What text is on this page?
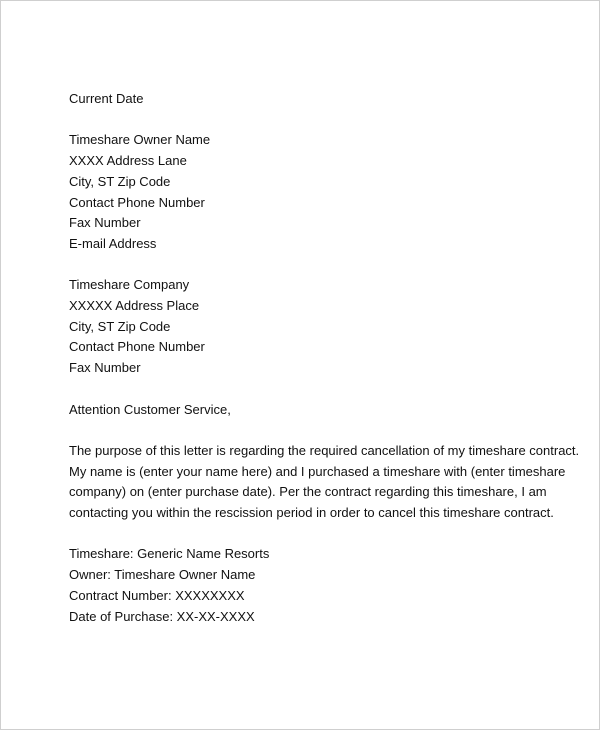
Current Date
Timeshare Owner Name
XXXX Address Lane
City, ST Zip Code
Contact Phone Number
Fax Number
E-mail Address
Timeshare Company
XXXXX Address Place
City, ST Zip Code
Contact Phone Number
Fax Number
Attention Customer Service,
The purpose of this letter is regarding the required cancellation of my timeshare contract.
My name is (enter your name here) and I purchased a timeshare with (enter timeshare
company) on (enter purchase date). Per the contract regarding this timeshare, I am
contacting you within the rescission period in order to cancel this timeshare contract.
Timeshare: Generic Name Resorts
Owner: Timeshare Owner Name
Contract Number: XXXXXXXX
Date of Purchase: XX-XX-XXXX
